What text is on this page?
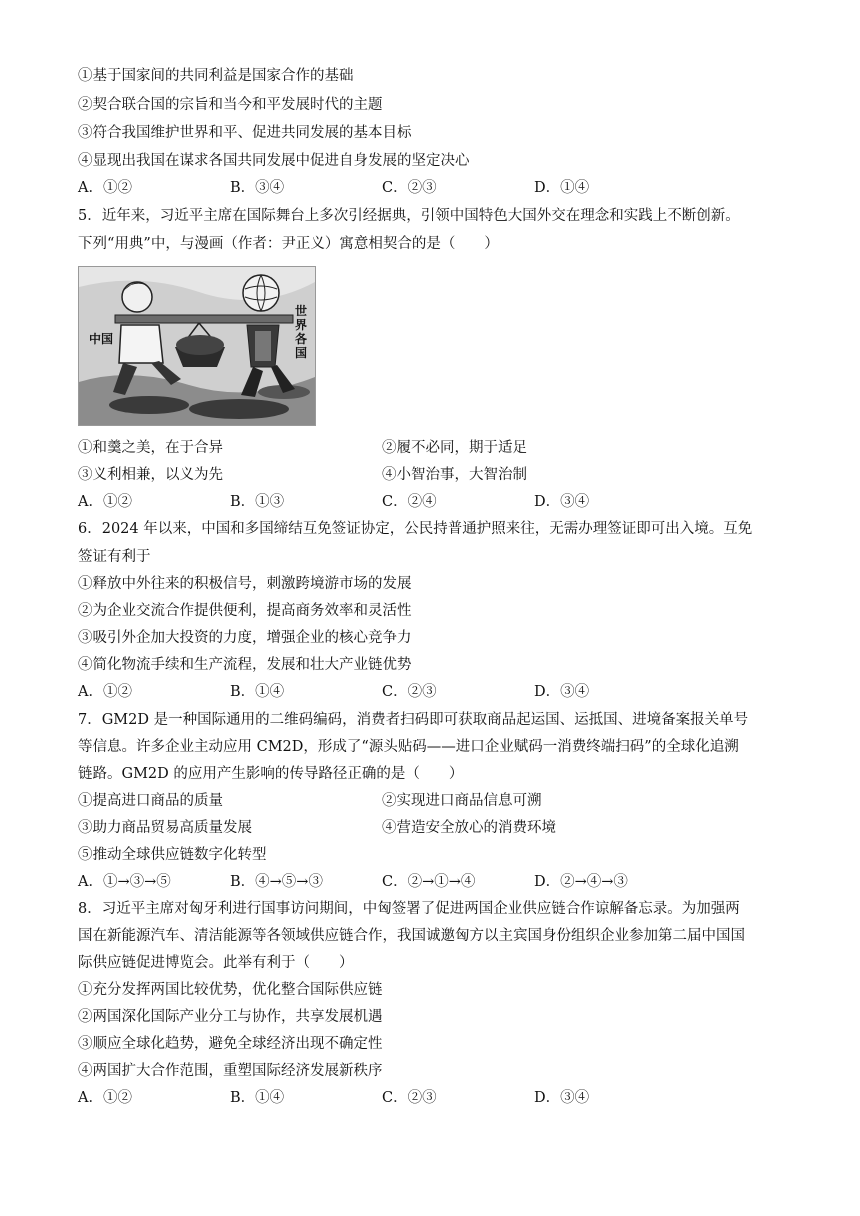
①基于国家间的共同利益是国家合作的基础
②契合联合国的宗旨和当今和平发展时代的主题
③符合我国维护世界和平、促进共同发展的基本目标
④显现出我国在谋求各国共同发展中促进自身发展的坚定决心
A．①②	B．③④	C．②③	D．①④
5．近年来，习近平主席在国际舞台上多次引经据典，引领中国特色大国外交在理念和实践上不断创新。
下列“用典”中，与漫画（作者：尹正义）寓意相契合的是（　　）
中国
世
界
各
国
①和羹之美，在于合异	②履不必同，期于适足
③义利相兼，以义为先	④小智治事，大智治制
A．①②	B．①③	C．②④	D．③④
6．2024 年以来，中国和多国缔结互免签证协定，公民持普通护照来往，无需办理签证即可出入境。互免
签证有利于
①释放中外往来的积极信号，刺激跨境游市场的发展
②为企业交流合作提供便利，提高商务效率和灵活性
③吸引外企加大投资的力度，增强企业的核心竞争力
④简化物流手续和生产流程，发展和壮大产业链优势
A．①②	B．①④	C．②③	D．③④
7．GM2D 是一种国际通用的二维码编码，消费者扫码即可获取商品起运国、运抵国、进境备案报关单号
等信息。许多企业主动应用 CM2D，形成了“源头贴码——进口企业赋码一消费终端扫码”的全球化追溯
链路。GM2D 的应用产生影响的传导路径正确的是（　　）
①提高进口商品的质量	②实现进口商品信息可溯
③助力商品贸易高质量发展	④营造安全放心的消费环境
⑤推动全球供应链数字化转型
A．①→③→⑤	B．④→⑤→③	C．②→①→④	D．②→④→③
8．习近平主席对匈牙利进行国事访问期间，中匈签署了促进两国企业供应链合作谅解备忘录。为加强两
国在新能源汽车、清洁能源等各领域供应链合作，我国诚邀匈方以主宾国身份组织企业参加第二届中国国
际供应链促进博览会。此举有利于（　　）
①充分发挥两国比较优势，优化整合国际供应链
②两国深化国际产业分工与协作，共享发展机遇
③顺应全球化趋势，避免全球经济出现不确定性
④两国扩大合作范围，重塑国际经济发展新秩序
A．①②	B．①④	C．②③	D．③④
